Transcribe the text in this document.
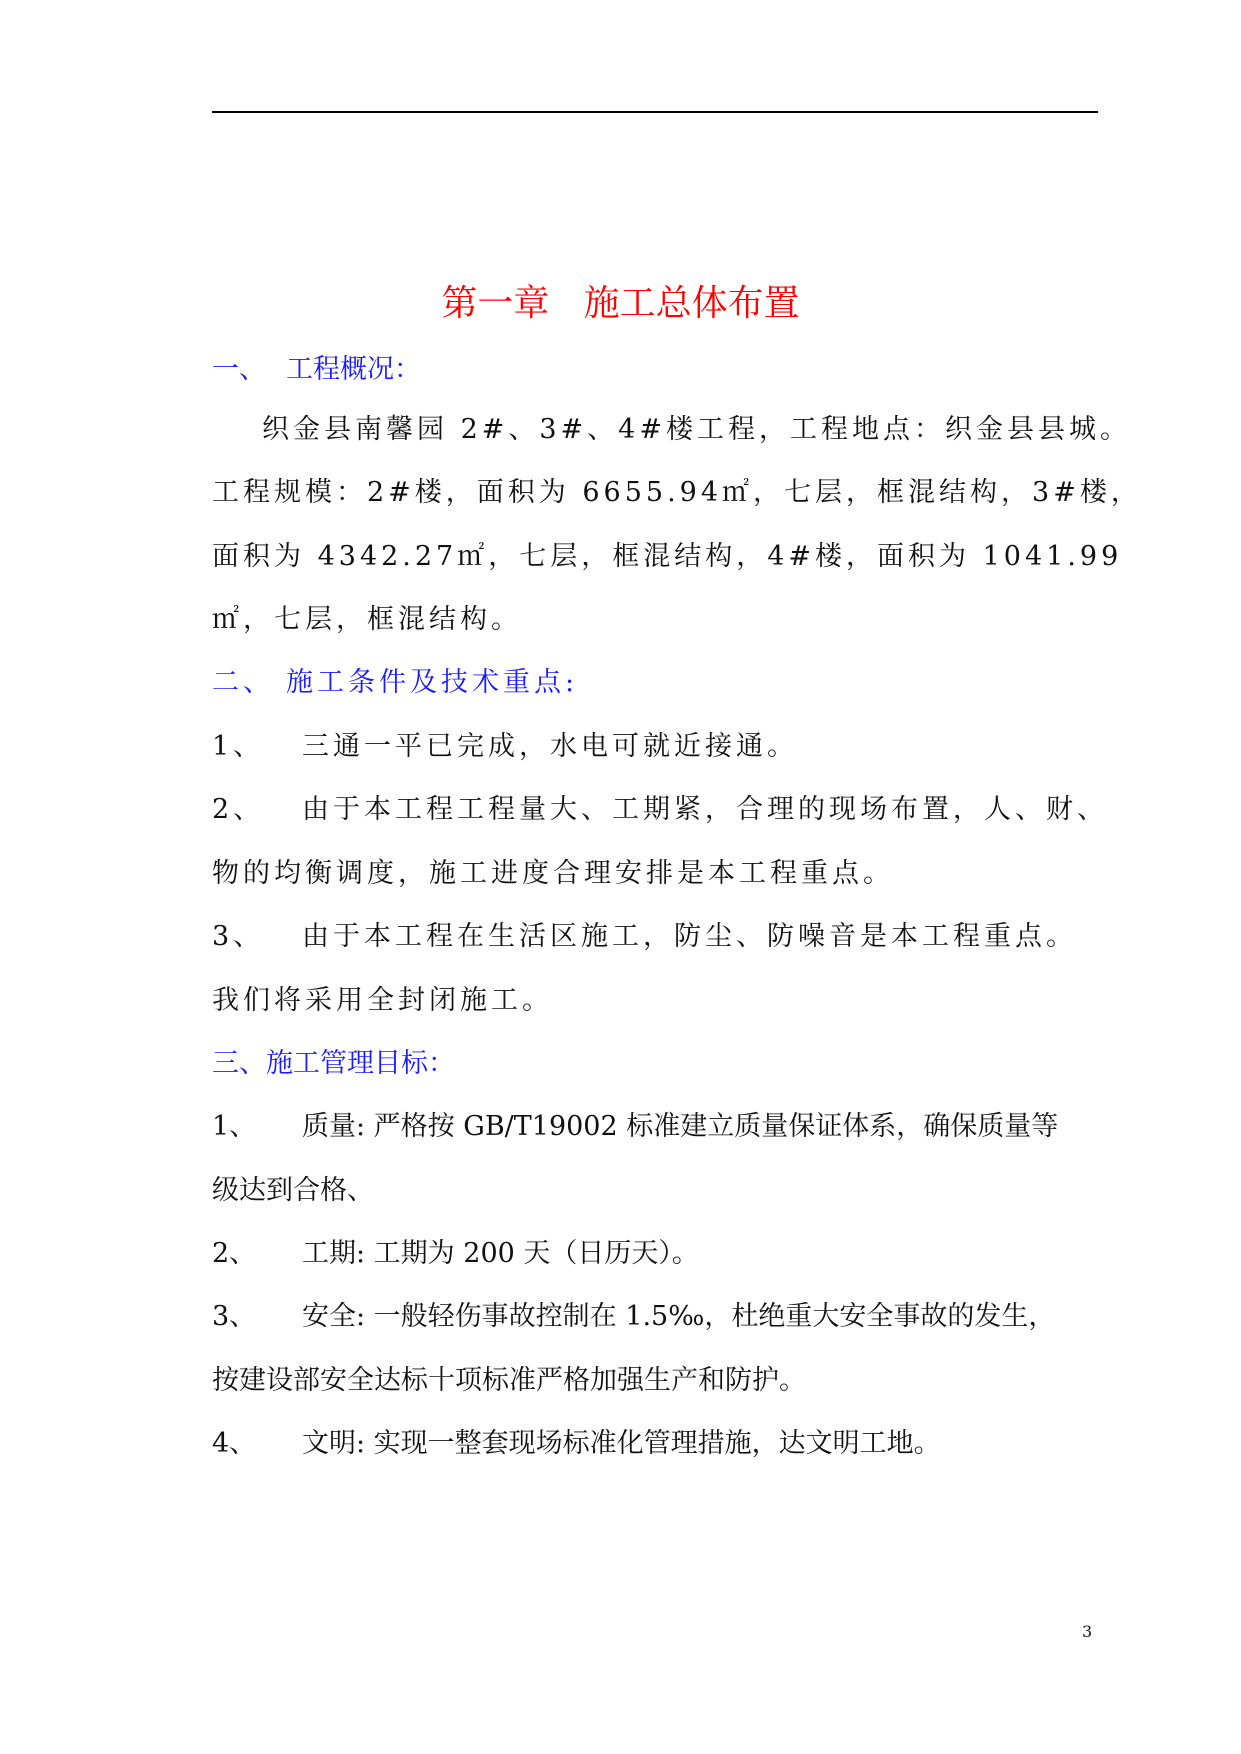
第一章   施工总体布置
一、 工程概况：
织金县南馨园 2#、3#、4#楼工程，工程地点：织金县县城。
工程规模：2#楼，面积为 6655.94㎡，七层，框混结构，3#楼，
面积为 4342.27㎡，七层，框混结构，4#楼，面积为 1041.99
㎡，七层，框混结构。
二、 施工条件及技术重点:
1、 三通一平已完成，水电可就近接通。
2、 由于本工程工程量大、工期紧，合理的现场布置，人、财、
物的均衡调度，施工进度合理安排是本工程重点。
3、 由于本工程在生活区施工，防尘、防噪音是本工程重点。
我们将采用全封闭施工。
三、施工管理目标：
1、 质量: 严格按 GB/T19002 标准建立质量保证体系，确保质量等
级达到合格、
2、 工期: 工期为 200 天（日历天）。
3、 安全: 一般轻伤事故控制在 1.5‰，杜绝重大安全事故的发生，
按建设部安全达标十项标准严格加强生产和防护。
4、 文明: 实现一整套现场标准化管理措施，达文明工地。
3
